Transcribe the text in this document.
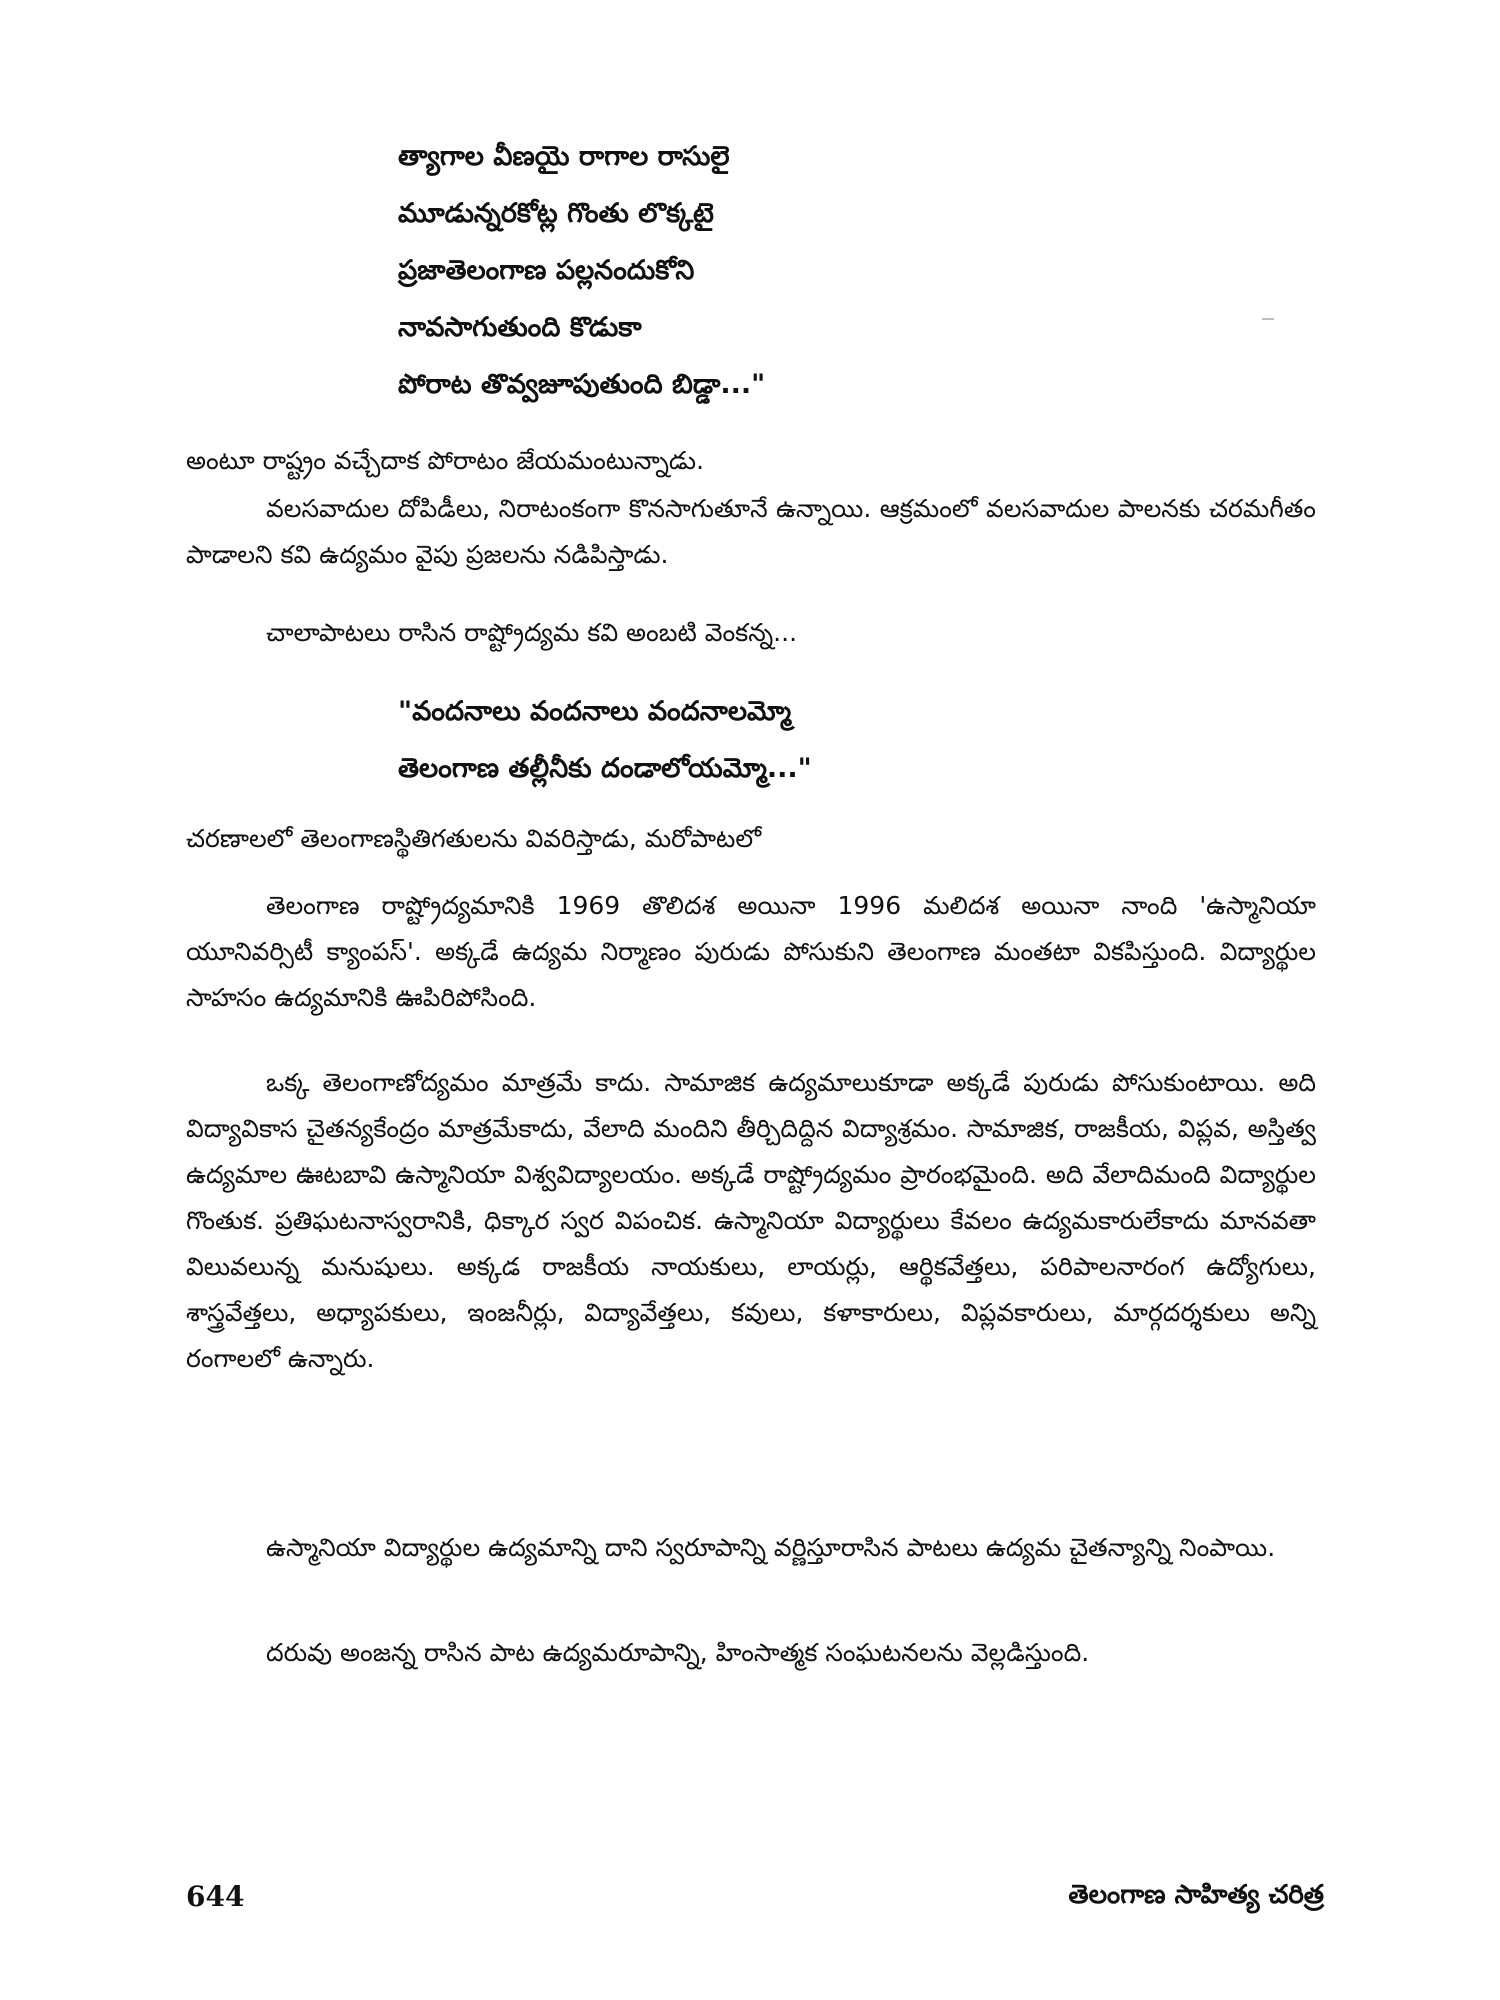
త్యాగాల వీణయై రాగాల రాసులై
మూడున్నరకోట్ల గొంతు లొక్కటై
ప్రజాతెలంగాణ పల్లనందుకోని
నావసాగుతుంది కొడుకా
పోరాట తొవ్వజూపుతుంది బిడ్డా..."

అంటూ రాష్ట్రం వచ్చేదాక పోరాటం జేయమంటున్నాడు.

వలసవాదుల దోపిడీలు, నిరాటంకంగా కొనసాగుతూనే ఉన్నాయి. ఆక్రమంలో వలసవాదుల పాలనకు చరమగీతం పాడాలని కవి ఉద్యమం వైపు ప్రజలను నడిపిస్తాడు.

చాలాపాటలు రాసిన రాష్ట్రోద్యమ కవి అంబటి వెంకన్న...

"వందనాలు వందనాలు వందనాలమ్మో
తెలంగాణ తల్లీనీకు దండాలోయమ్మో..."

చరణాలలో తెలంగాణస్థితిగతులను వివరిస్తాడు, మరోపాటలో

తెలంగాణ రాష్ట్రోద్యమానికి 1969 తొలిదశ అయినా 1996 మలిదశ అయినా నాంది 'ఉస్మానియా యూనివర్సిటీ క్యాంపస్'. అక్కడే ఉద్యమ నిర్మాణం పురుడు పోసుకుని తెలంగాణ మంతటా వికపిస్తుంది. విద్యార్థుల సాహసం ఉద్యమానికి ఊపిరిపోసింది.

ఒక్క తెలంగాణోద్యమం మాత్రమే కాదు. సామాజిక ఉద్యమాలుకూడా అక్కడే పురుడు పోసుకుంటాయి. అది విద్యావికాస చైతన్యకేంద్రం మాత్రమేకాదు, వేలాది మందిని తీర్చిదిద్దిన విద్యాశ్రమం. సామాజిక, రాజకీయ, విప్లవ, అస్తిత్వ ఉద్యమాల ఊటబావి ఉస్మానియా విశ్వవిద్యాలయం. అక్కడే రాష్ట్రోద్యమం ప్రారంభమైంది. అది వేలాదిమంది విద్యార్థుల గొంతుక. ప్రతిఘటనాస్వరానికి, ధిక్కార స్వర విపంచిక. ఉస్మానియా విద్యార్థులు కేవలం ఉద్యమకారులేకాదు మానవతా విలువలున్న మనుషులు. అక్కడ రాజకీయ నాయకులు, లాయర్లు, ఆర్థికవేత్తలు, పరిపాలనారంగ ఉద్యోగులు, శాస్త్రవేత్తలు, అధ్యాపకులు, ఇంజనీర్లు, విద్యావేత్తలు, కవులు, కళాకారులు, విప్లవకారులు, మార్గదర్శకులు అన్ని రంగాలలో ఉన్నారు.

ఉస్మానియా విద్యార్థుల ఉద్యమాన్ని దాని స్వరూపాన్ని వర్ణిస్తూరాసిన పాటలు ఉద్యమ చైతన్యాన్ని నింపాయి.

దరువు అంజన్న రాసిన పాట ఉద్యమరూపాన్ని, హింసాత్మక సంఘటనలను వెల్లడిస్తుంది.

644	తెలంగాణ సాహిత్య చరిత్ర
